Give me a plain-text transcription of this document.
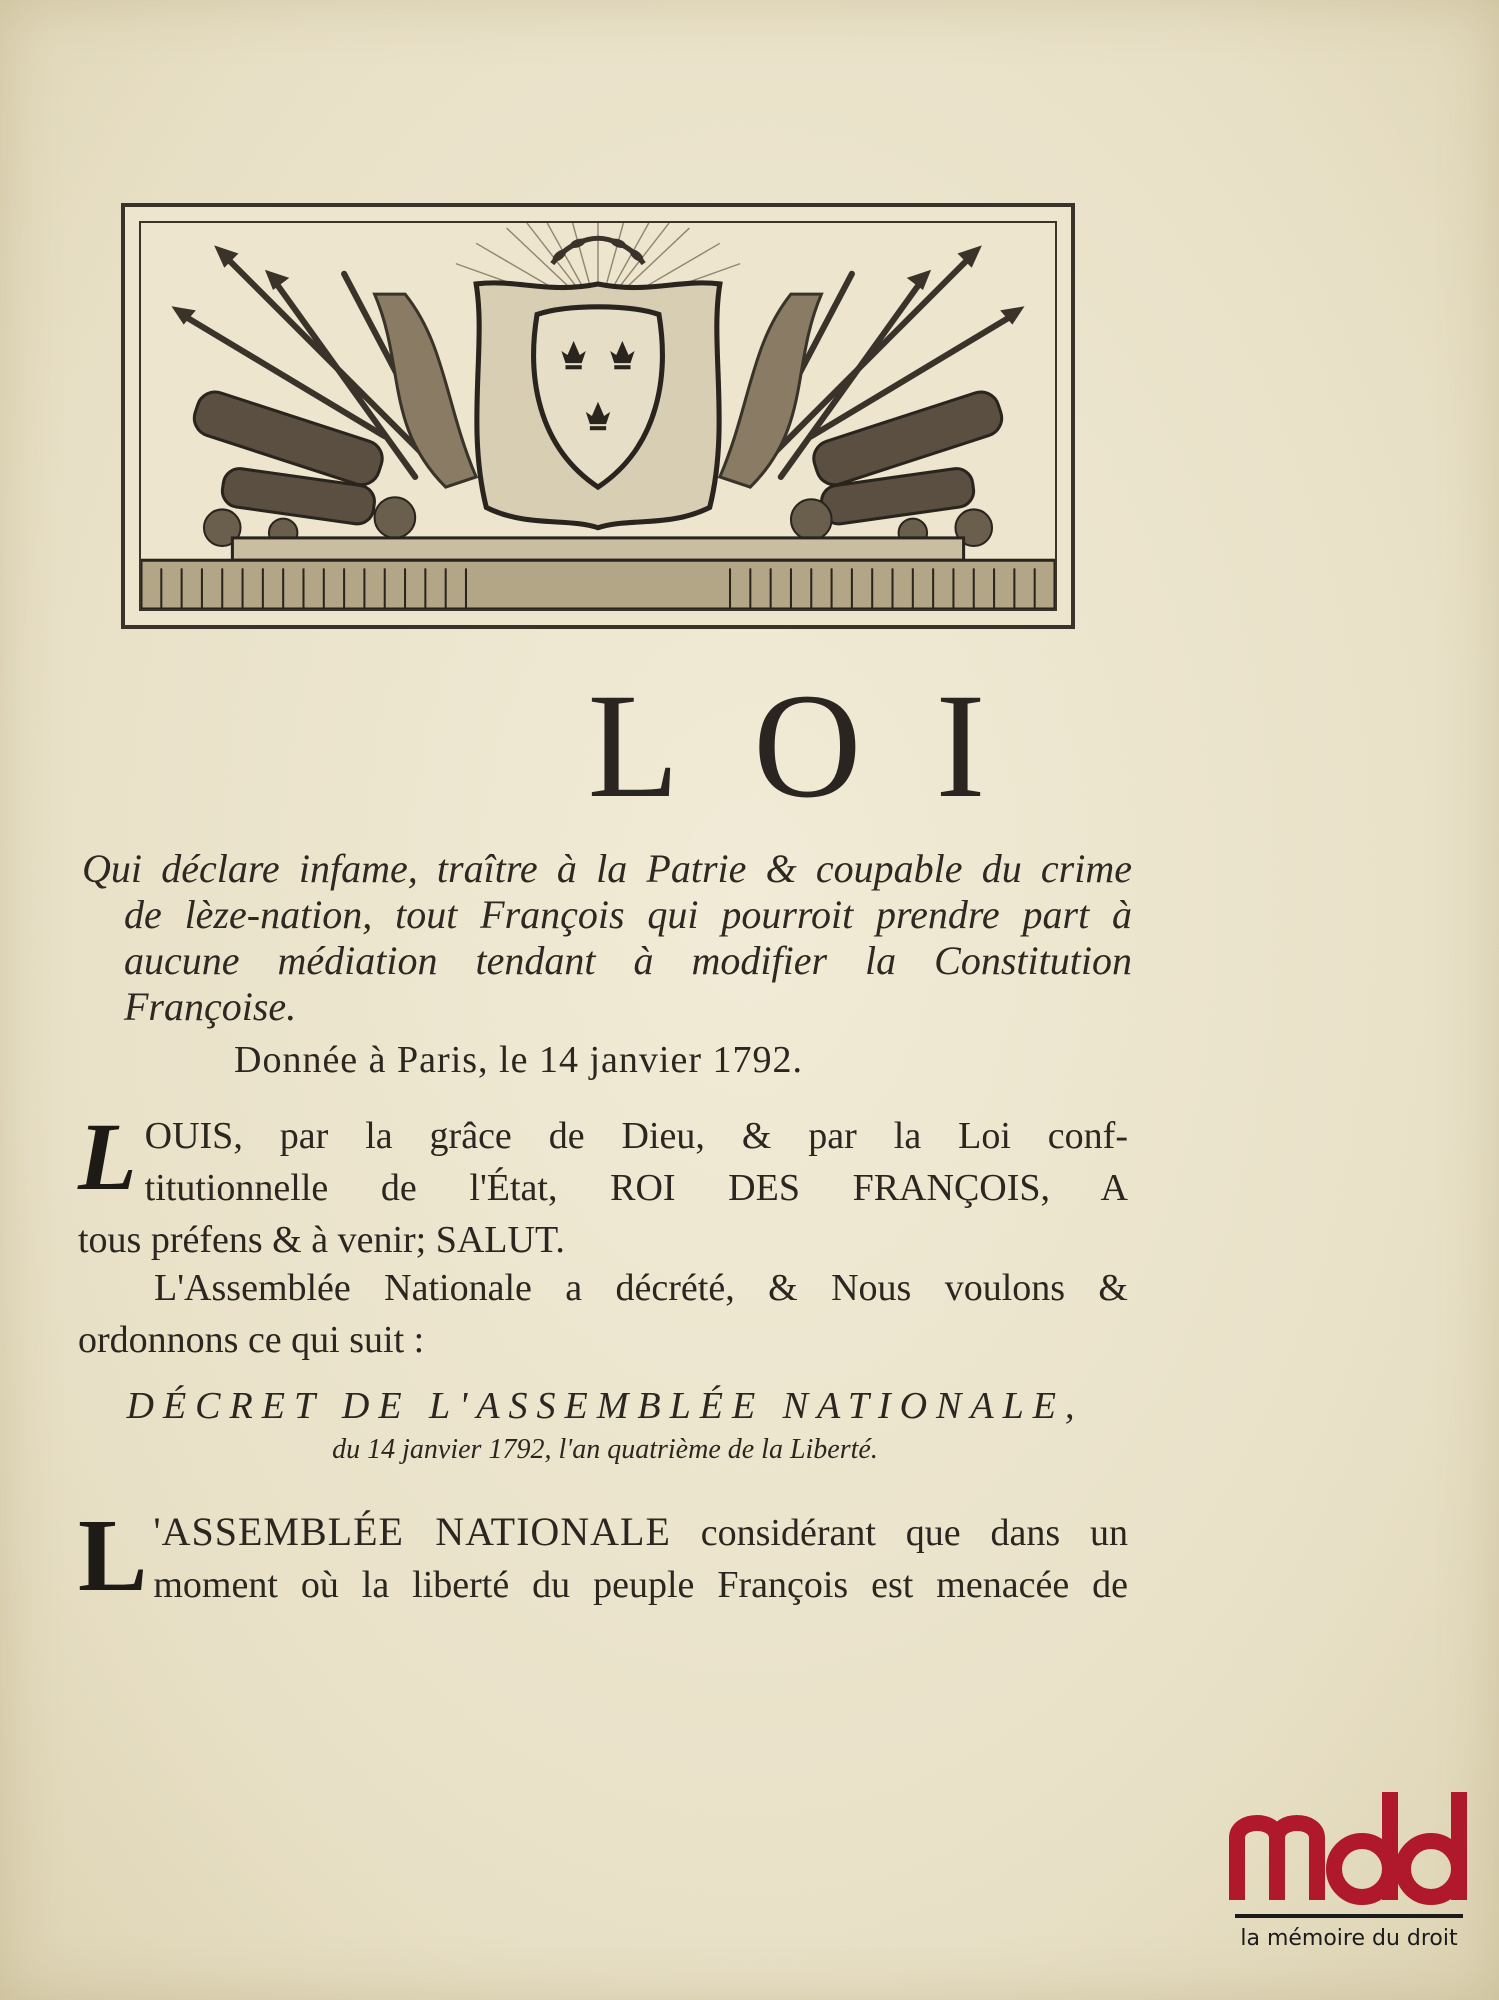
LOI

Qui déclare infame, traître à la Patrie & coupable du crime
de lèze-nation, tout François qui pourroit prendre part à
aucune médiation tendant à modifier la Constitution
Françoise.

Donnée à Paris, le 14 janvier 1792.

L OUIS, par la grâce de Dieu, & par la Loi conf-
titutionnelle de l'État, ROI DES FRANÇOIS, A
tous préfens & à venir; SALUT.

L'Assemblée Nationale a décrété, & Nous voulons &
ordonnons ce qui suit :

DÉCRET DE L'ASSEMBLÉE NATIONALE,

du 14 janvier 1792, l'an quatrième de la Liberté.

L 'ASSEMBLÉE NATIONALE considérant que dans un
moment où la liberté du peuple François est menacée de

la mémoire du droit
